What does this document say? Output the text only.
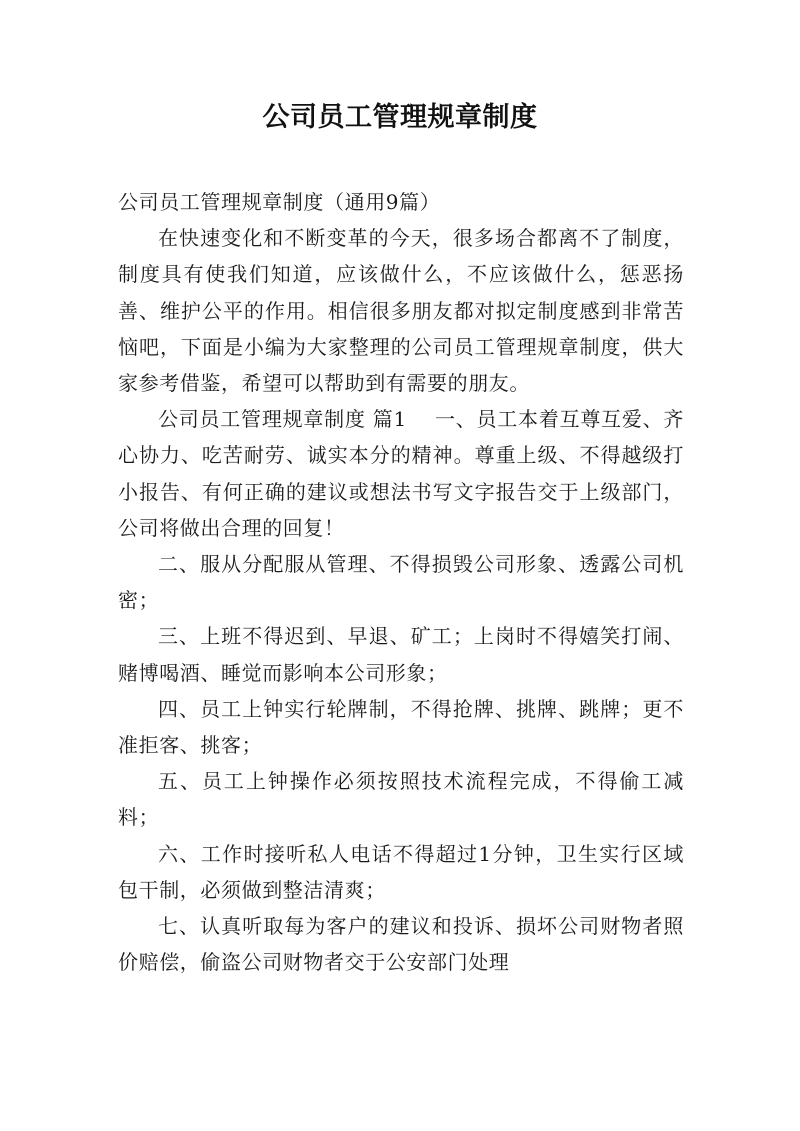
公司员工管理规章制度

公司员工管理规章制度（通用9篇）

在快速变化和不断变革的今天，很多场合都离不了制度，制度具有使我们知道，应该做什么，不应该做什么，惩恶扬善、维护公平的作用。相信很多朋友都对拟定制度感到非常苦恼吧，下面是小编为大家整理的公司员工管理规章制度，供大家参考借鉴，希望可以帮助到有需要的朋友。

公司员工管理规章制度 篇1 一、员工本着互尊互爱、齐心协力、吃苦耐劳、诚实本分的精神。尊重上级、不得越级打小报告、有何正确的建议或想法书写文字报告交于上级部门，公司将做出合理的回复！

二、服从分配服从管理、不得损毁公司形象、透露公司机密；

三、上班不得迟到、早退、矿工；上岗时不得嬉笑打闹、赌博喝酒、睡觉而影响本公司形象；

四、员工上钟实行轮牌制，不得抢牌、挑牌、跳牌；更不准拒客、挑客；

五、员工上钟操作必须按照技术流程完成，不得偷工减料；

六、工作时接听私人电话不得超过1分钟，卫生实行区域包干制，必须做到整洁清爽；

七、认真听取每为客户的建议和投诉、损坏公司财物者照价赔偿，偷盗公司财物者交于公安部门处理
